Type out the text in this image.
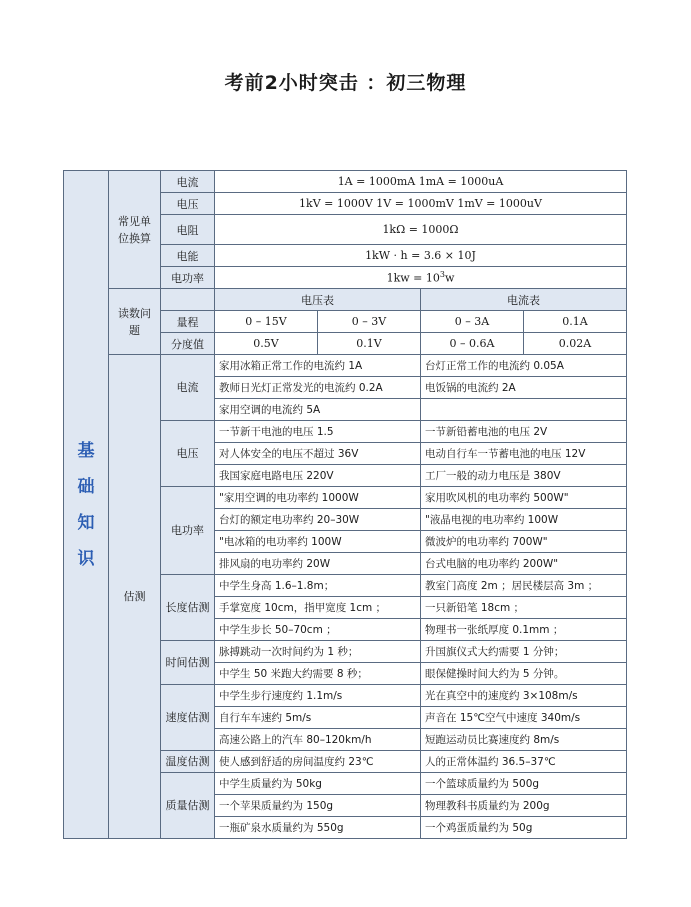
考前2小时突击 ：初三物理
基
础
知
识	常见单位换算	电流	1A = 1000mA 1mA = 1000uA			
		电压	1kV = 1000V 1V = 1000mV 1mV = 1000uV			
		电阻	1kΩ = 1000Ω			
		电能	1kW · h = 3.6 × 10J			
		电功率	$1kw = 10^3w$			
	读数问题		电压表		电流表	
		量程	0 – 15V	0 – 3V	0 – 3A	0.1A
		分度值	0.5V	0.1V	0 – 0.6A	0.02A
	估测	电流	家用冰箱正常工作的电流约 1A		台灯正常工作的电流约 0.05A	
			教师日光灯正常发光的电流约 0.2A		电饭锅的电流约 2A	
			家用空调的电流约 5A			
		电压	一节新干电池的电压 1.5		一节新铅蓄电池的电压 2V	
			对人体安全的电压不超过 36V		电动自行车一节蓄电池的电压 12V	
			我国家庭电路电压 220V		工厂一般的动力电压是 380V	
		电功率	"家用空调的电功率约 1000W		家用吹风机的电功率约 500W"	
			台灯的额定电功率约 20–30W		"液晶电视的电功率约 100W	
			"电冰箱的电功率约 100W		微波炉的电功率约 700W"	
			排风扇的电功率约 20W		台式电脑的电功率约 200W"	
		长度估测	中学生身高 1.6–1.8m；		教室门高度 2m ；居民楼层高 3m ；	
			手掌宽度 10cm，指甲宽度 1cm ；		一只新铅笔 18cm ；	
			中学生步长 50–70cm ；		物理书一张纸厚度 0.1mm ；	
		时间估测	脉搏跳动一次时间约为 1 秒；		升国旗仪式大约需要 1 分钟；	
			中学生 50 米跑大约需要 8 秒；		眼保健操时间大约为 5 分钟。	
		速度估测	中学生步行速度约 1.1m/s		光在真空中的速度约 3×108m/s	
			自行车车速约 5m/s		声音在 15℃空气中速度 340m/s	
			高速公路上的汽车 80–120km/h		短跑运动员比赛速度约 8m/s	
		温度估测	使人感到舒适的房间温度约 23℃		人的正常体温约 36.5–37℃	
		质量估测	中学生质量约为 50kg		一个篮球质量约为 500g	
			一个苹果质量约为 150g		物理教科书质量约为 200g	
			一瓶矿泉水质量约为 550g		一个鸡蛋质量约为 50g	
